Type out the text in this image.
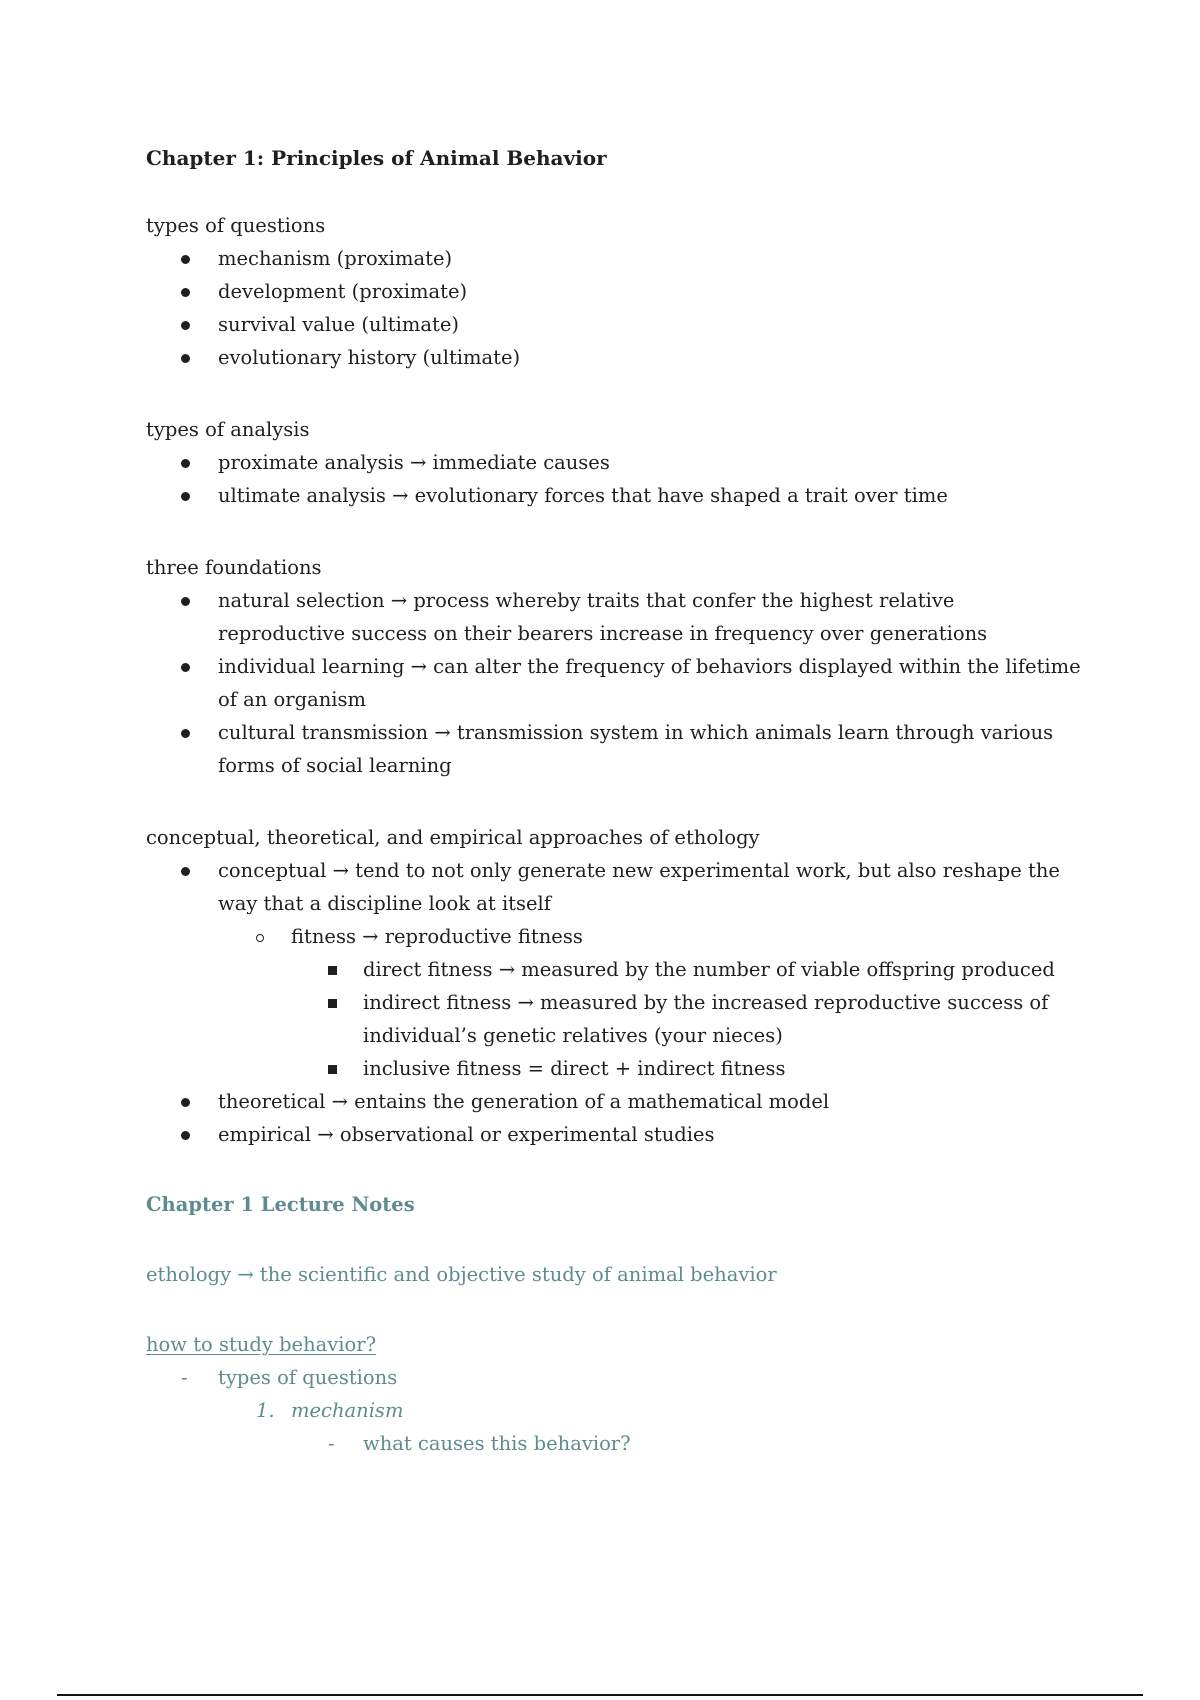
Chapter 1: Principles of Animal Behavior

types of questions

mechanism (proximate)
development (proximate)
survival value (ultimate)
evolutionary history (ultimate)

types of analysis

proximate analysis → immediate causes
ultimate analysis → evolutionary forces that have shaped a trait over time

three foundations

natural selection → process whereby traits that confer the highest relative reproductive success on their bearers increase in frequency over generations
individual learning → can alter the frequency of behaviors displayed within the lifetime of an organism
cultural transmission → transmission system in which animals learn through various forms of social learning

conceptual, theoretical, and empirical approaches of ethology

conceptual → tend to not only generate new experimental work, but also reshape the way that a discipline look at itself
fitness → reproductive fitness
direct fitness → measured by the number of viable offspring produced
indirect fitness → measured by the increased reproductive success of individual’s genetic relatives (your nieces)
inclusive fitness = direct + indirect fitness
theoretical → entains the generation of a mathematical model
empirical → observational or experimental studies

Chapter 1 Lecture Notes

ethology → the scientific and objective study of animal behavior

how to study behavior?

- types of questions
1. mechanism
- what causes this behavior?
